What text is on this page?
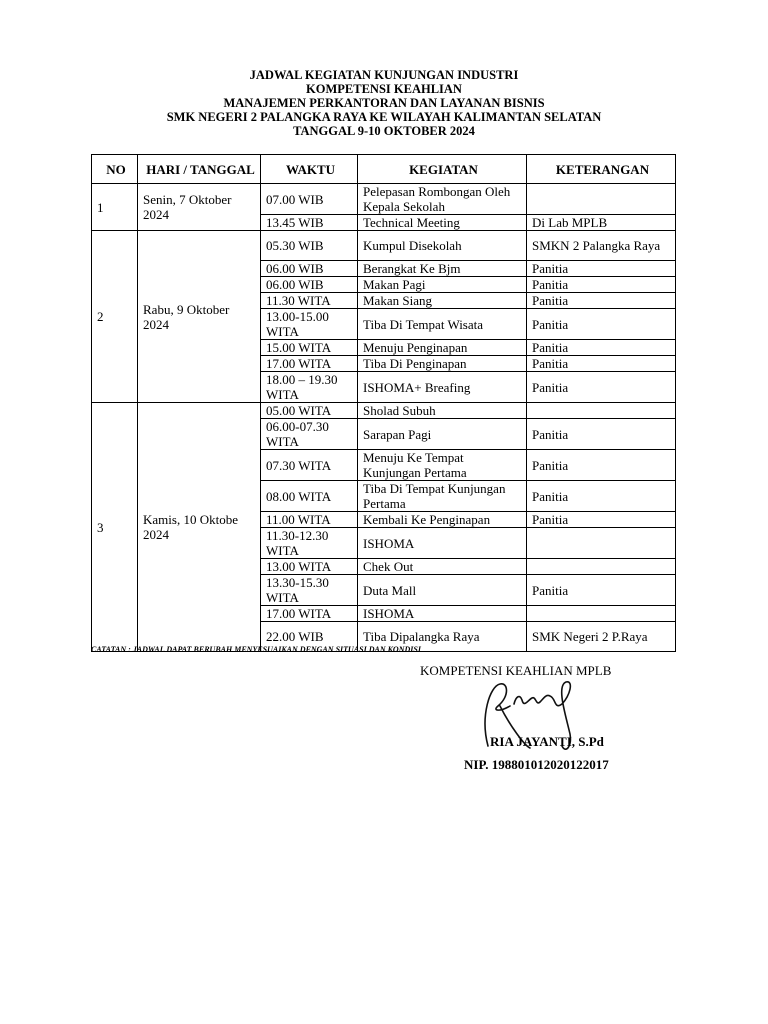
JADWAL KEGIATAN KUNJUNGAN INDUSTRI
KOMPETENSI KEAHLIAN
MANAJEMEN PERKANTORAN DAN LAYANAN BISNIS
SMK NEGERI 2 PALANGKA RAYA KE WILAYAH KALIMANTAN SELATAN
TANGGAL 9-10 OKTOBER 2024
NO	HARI / TANGGAL	WAKTU	KEGIATAN	KETERANGAN
1	Senin, 7 Oktober 2024	07.00 WIB	Pelepasan Rombongan Oleh Kepala Sekolah	
		13.45 WIB	Technical Meeting	Di Lab MPLB
2	Rabu, 9 Oktober 2024	05.30 WIB	Kumpul Disekolah	SMKN 2 Palangka Raya
		06.00 WIB	Berangkat Ke Bjm	Panitia
		06.00 WIB	Makan Pagi	Panitia
		11.30 WITA	Makan Siang	Panitia
		13.00-15.00 WITA	Tiba Di Tempat Wisata	Panitia
		15.00 WITA	Menuju Penginapan	Panitia
		17.00 WITA	Tiba Di Penginapan	Panitia
		18.00 – 19.30 WITA	ISHOMA+ Breafing	Panitia
3	Kamis, 10 Oktobe 2024	05.00 WITA	Sholad Subuh	
		06.00-07.30 WITA	Sarapan Pagi	Panitia
		07.30 WITA	Menuju Ke Tempat Kunjungan Pertama	Panitia
		08.00 WITA	Tiba Di Tempat Kunjungan Pertama	Panitia
		11.00 WITA	Kembali Ke Penginapan	Panitia
		11.30-12.30 WITA	ISHOMA	
		13.00 WITA	Chek Out	
		13.30-15.30 WITA	Duta Mall	Panitia
		17.00 WITA	ISHOMA	
		22.00 WIB	Tiba Dipalangka Raya	SMK Negeri 2 P.Raya
CATATAN : JADWAL DAPAT BERUBAH MENYESUAIKAN DENGAN SITUASI DAN KONDISI
KOMPETENSI KEAHLIAN MPLB
RIA JAYANTI, S.Pd
NIP. 198801012020122017
